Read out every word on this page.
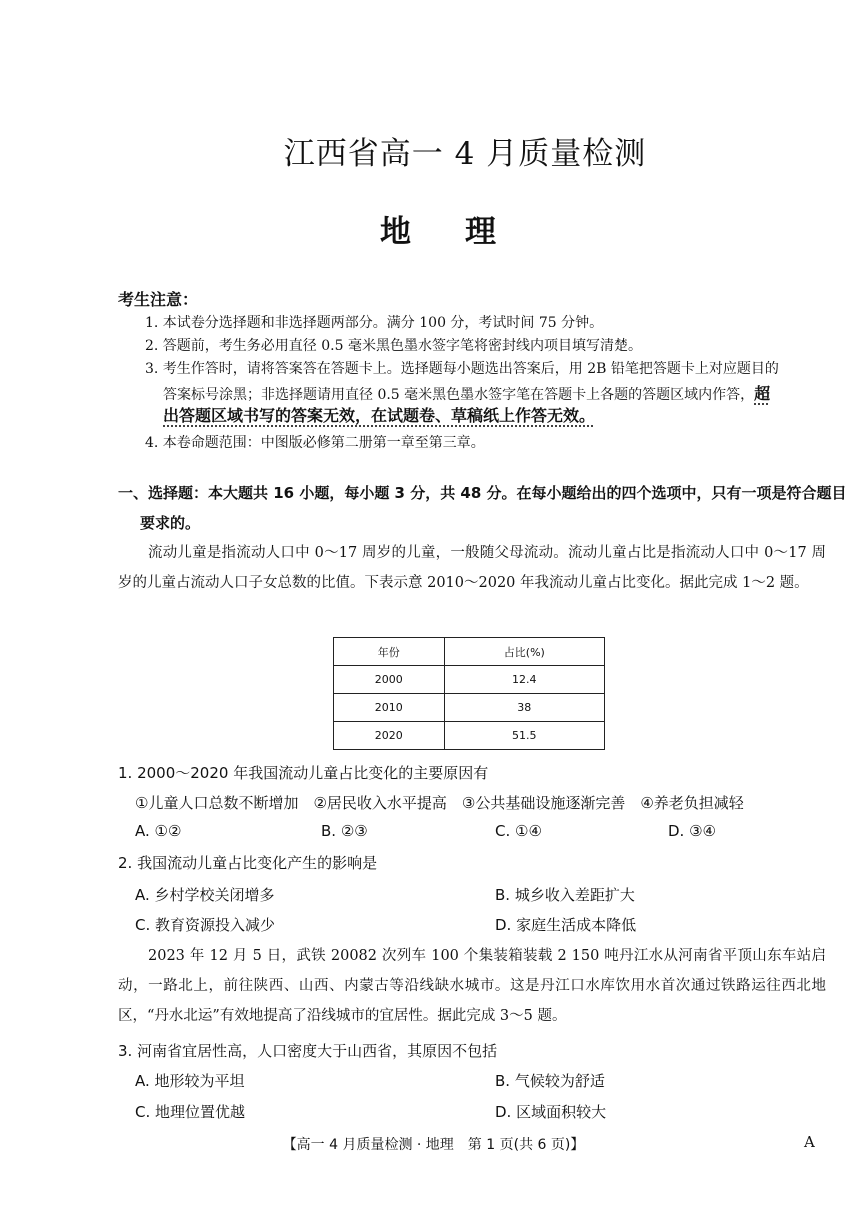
江西省高一 4 月质量检测
地理
考生注意：
1. 本试卷分选择题和非选择题两部分。满分 100 分，考试时间 75 分钟。
2. 答题前，考生务必用直径 0.5 毫米黑色墨水签字笔将密封线内项目填写清楚。
3. 考生作答时，请将答案答在答题卡上。选择题每小题选出答案后，用 2B 铅笔把答题卡上对应题目的
答案标号涂黑；非选择题请用直径 0.5 毫米黑色墨水签字笔在答题卡上各题的答题区域内作答，超
出答题区域书写的答案无效，在试题卷、草稿纸上作答无效。
4. 本卷命题范围：中图版必修第二册第一章至第三章。
一、选择题：本大题共 16 小题，每小题 3 分，共 48 分。在每小题给出的四个选项中，只有一项是符合题目
要求的。
流动儿童是指流动人口中 0～17 周岁的儿童，一般随父母流动。流动儿童占比是指流动人口中 0～17 周岁的儿童占流动人口子女总数的比值。下表示意 2010～2020 年我流动儿童占比变化。据此完成 1～2 题。
年份	占比(%)
2000	12.4
2010	38
2020	51.5
1. 2000～2020 年我国流动儿童占比变化的主要原因有
①儿童人口总数不断增加　②居民收入水平提高　③公共基础设施逐渐完善　④养老负担减轻
A. ①②	B. ②③	C. ①④	D. ③④
2. 我国流动儿童占比变化产生的影响是
A. 乡村学校关闭增多	B. 城乡收入差距扩大
C. 教育资源投入减少	D. 家庭生活成本降低
2023 年 12 月 5 日，武铁 20082 次列车 100 个集装箱装载 2 150 吨丹江水从河南省平顶山东车站启动，一路北上，前往陕西、山西、内蒙古等沿线缺水城市。这是丹江口水库饮用水首次通过铁路运往西北地区，“丹水北运”有效地提高了沿线城市的宜居性。据此完成 3～5 题。
3. 河南省宜居性高，人口密度大于山西省，其原因不包括
A. 地形较为平坦	B. 气候较为舒适
C. 地理位置优越	D. 区域面积较大
【高一 4 月质量检测 · 地理　第 1 页(共 6 页)】	A
